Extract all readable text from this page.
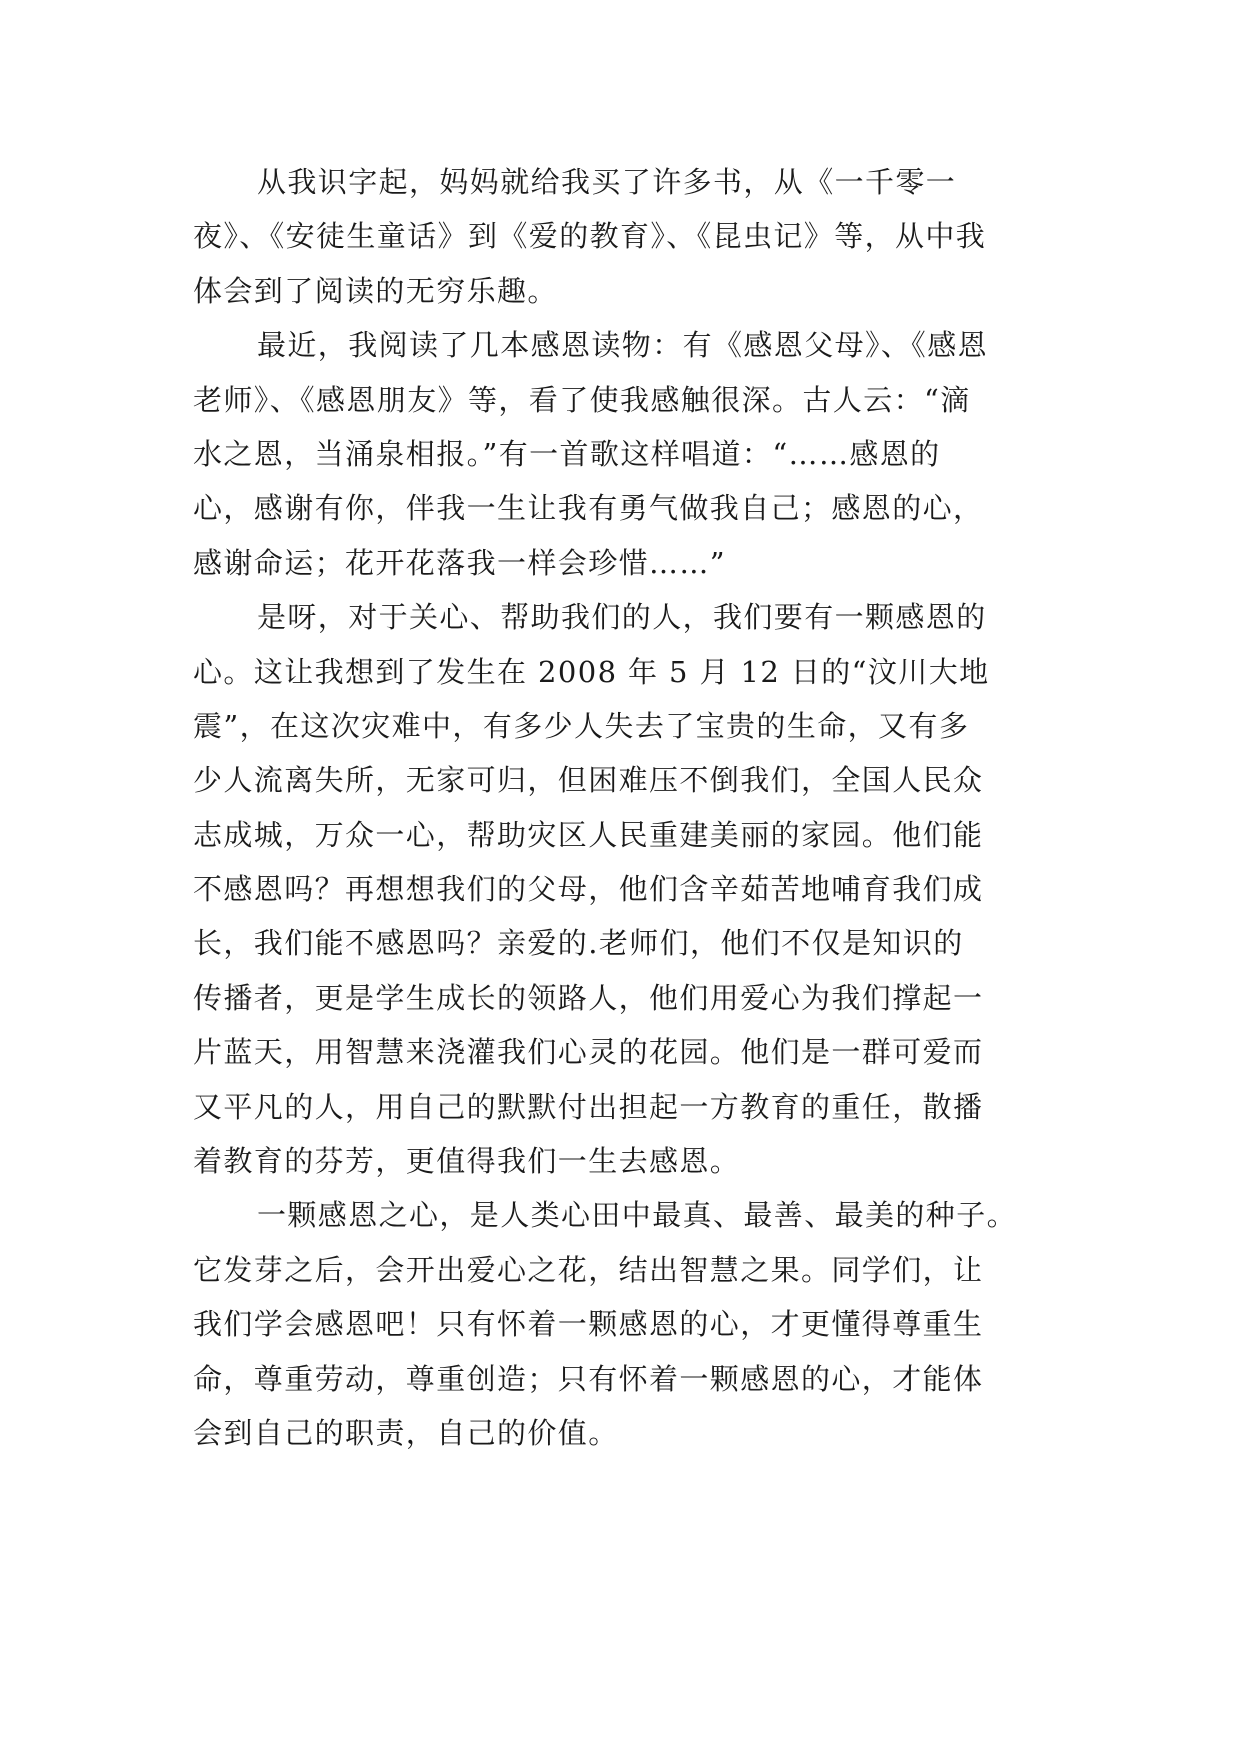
从我识字起，妈妈就给我买了许多书，从《一千零一
夜》、《安徒生童话》到《爱的教育》、《昆虫记》等，从中我
体会到了阅读的无穷乐趣。

最近，我阅读了几本感恩读物：有《感恩父母》、《感恩
老师》、《感恩朋友》等，看了使我感触很深。古人云：“滴
水之恩，当涌泉相报。”有一首歌这样唱道：“……感恩的
心，感谢有你，伴我一生让我有勇气做我自己；感恩的心，
感谢命运；花开花落我一样会珍惜……”

是呀，对于关心、帮助我们的人，我们要有一颗感恩的
心。这让我想到了发生在 2008 年 5 月 12 日的“汶川大地
震”，在这次灾难中，有多少人失去了宝贵的生命，又有多
少人流离失所，无家可归，但困难压不倒我们，全国人民众
志成城，万众一心，帮助灾区人民重建美丽的家园。他们能
不感恩吗？再想想我们的父母，他们含辛茹苦地哺育我们成
长，我们能不感恩吗？亲爱的.老师们，他们不仅是知识的
传播者，更是学生成长的领路人，他们用爱心为我们撑起一
片蓝天，用智慧来浇灌我们心灵的花园。他们是一群可爱而
又平凡的人，用自己的默默付出担起一方教育的重任，散播
着教育的芬芳，更值得我们一生去感恩。

一颗感恩之心，是人类心田中最真、最善、最美的种子。
它发芽之后，会开出爱心之花，结出智慧之果。同学们，让
我们学会感恩吧！只有怀着一颗感恩的心，才更懂得尊重生
命，尊重劳动，尊重创造；只有怀着一颗感恩的心，才能体
会到自己的职责，自己的价值。
